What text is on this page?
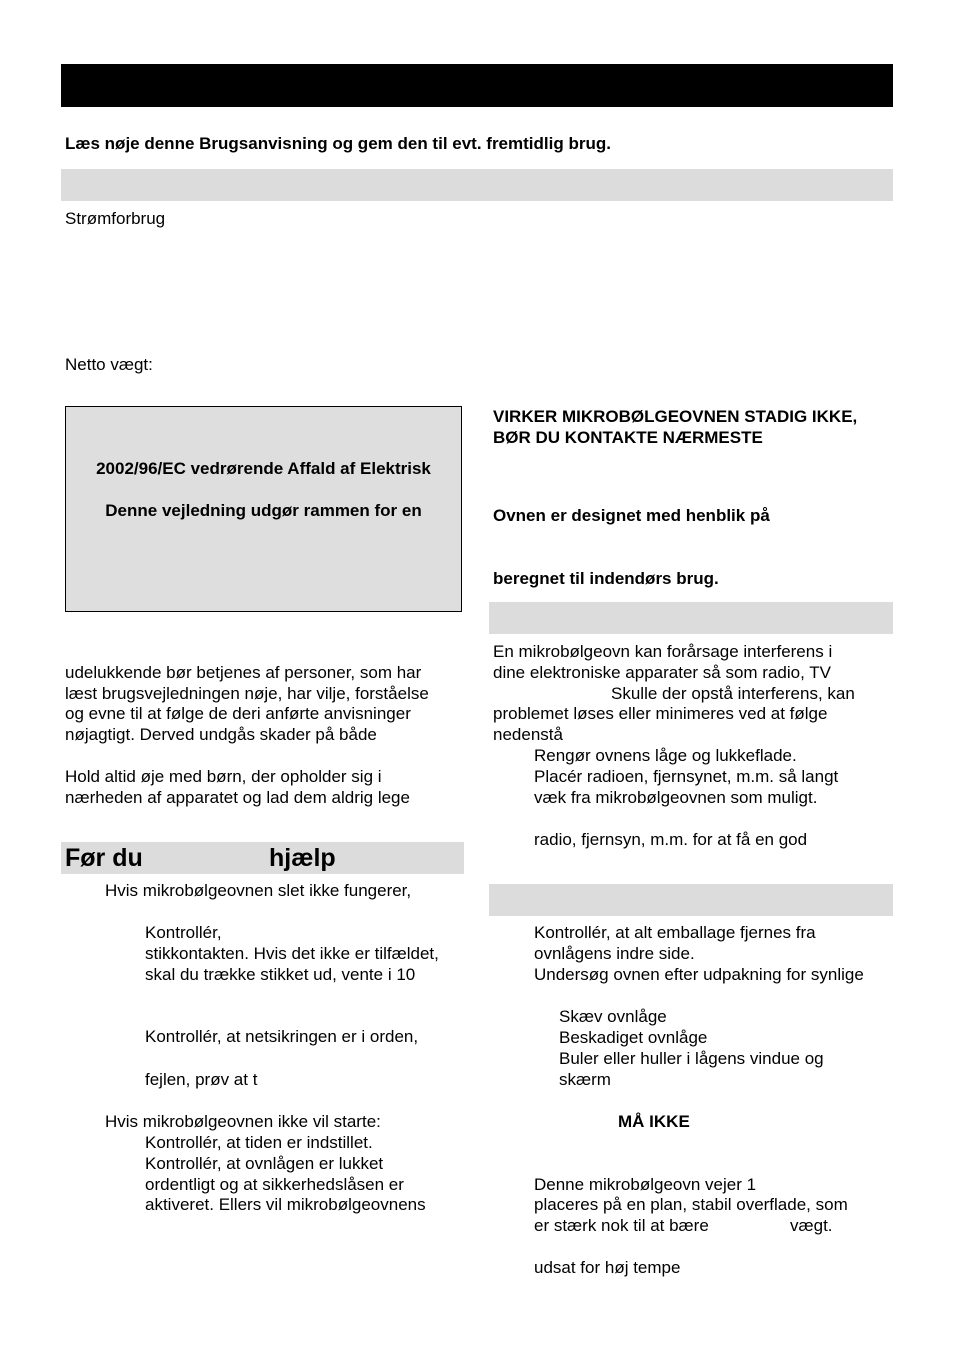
Læs nøje denne Brugsanvisning og gem den til evt. fremtidlig brug.
Strømforbrug
Netto vægt:
2002/96/EC vedrørende Affald af Elektrisk
Denne vejledning udgør rammen for en
udelukkende bør betjenes af personer, som har
læst brugsvejledningen nøje, har vilje, forståelse
og evne til at følge de deri anførte anvisninger
nøjagtigt. Derved undgås skader på både
Hold altid øje med børn, der opholder sig i
nærheden af apparatet og lad dem aldrig lege
Før du	hjælp
Hvis mikrobølgeovnen slet ikke fungerer,
Kontrollér,
stikkontakten. Hvis det ikke er tilfældet,
skal du trække stikket ud, vente i 10
Kontrollér, at netsikringen er i orden,
fejlen, prøv at t
Hvis mikrobølgeovnen ikke vil starte:
Kontrollér, at tiden er indstillet.
Kontrollér, at ovnlågen er lukket
ordentligt og at sikkerhedslåsen er
aktiveret. Ellers vil mikrobølgeovnens
VIRKER MIKROBØLGEOVNEN STADIG IKKE,
BØR DU KONTAKTE NÆRMESTE
Ovnen er designet med henblik på
beregnet til indendørs brug.
En mikrobølgeovn kan forårsage interferens i
dine elektroniske apparater så som radio, TV
Skulle der opstå interferens, kan
problemet løses eller minimeres ved at følge
nedenstå
Rengør ovnens låge og lukkeflade.
Placér radioen, fjernsynet, m.m. så langt
væk fra mikrobølgeovnen som muligt.
radio, fjernsyn, m.m. for at få en god
Kontrollér, at alt emballage fjernes fra
ovnlågens indre side.
Undersøg ovnen efter udpakning for synlige
Skæv ovnlåge
Beskadiget ovnlåge
Buler eller huller i lågens vindue og
skærm
MÅ IKKE
Denne mikrobølgeovn vejer 1
placeres på en plan, stabil overflade, som
er stærk nok til at bære	vægt.
udsat for høj tempe
